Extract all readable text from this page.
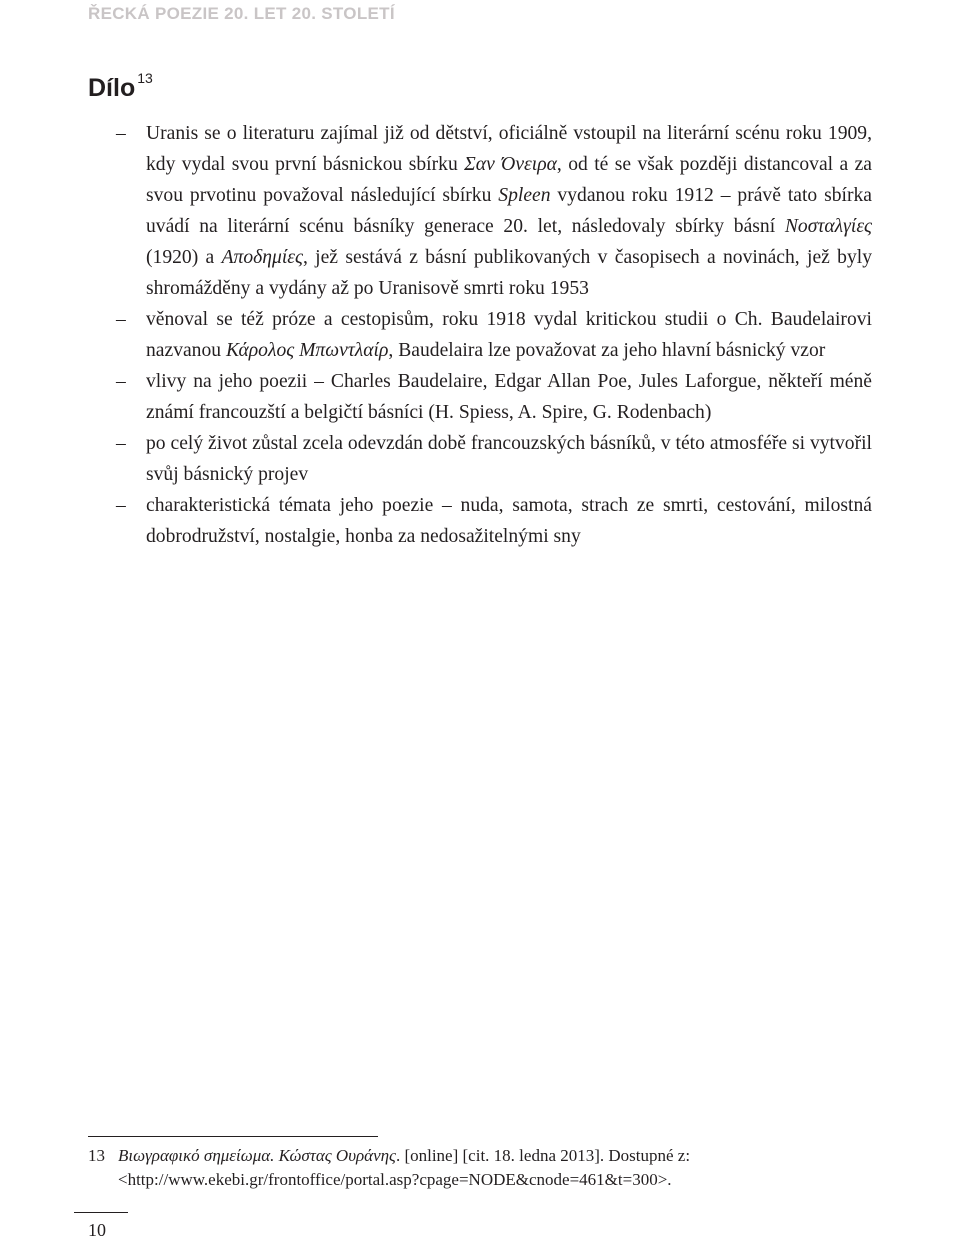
ŘECKÁ POEZIE 20. LET 20. STOLETÍ
Dílo $^{13}$
– Uranis se o literaturu zajímal již od dětství, oficiálně vstoupil na literární scénu roku 1909, kdy vydal svou první básnickou sbírku Σαν Όνειρα, od té se však později distancoval a za svou prvotinu považoval následující sbírku Spleen vydanou roku 1912 – právě tato sbírka uvádí na literární scénu básníky generace 20. let, následovaly sbírky básní Νοσταλγίες (1920) a Αποδημίες, jež sestává z básní publikovaných v časopisech a novinách, jež byly shromážděny a vydány až po Uranisově smrti roku 1953
– věnoval se též próze a cestopisům, roku 1918 vydal kritickou studii o Ch. Baudelairovi nazvanou Κάρολος Μπωντλαίρ, Baudelaira lze považovat za jeho hlavní básnický vzor
– vlivy na jeho poezii – Charles Baudelaire, Edgar Allan Poe, Jules Laforgue, někteří méně známí francouzští a belgičtí básníci (H. Spiess, A. Spire, G. Rodenbach)
– po celý život zůstal zcela odevzdán době francouzských básníků, v této atmosféře si vytvořil svůj básnický projev
– charakteristická témata jeho poezie – nuda, samota, strach ze smrti, cestování, milostná dobrodružství, nostalgie, honba za nedosažitelnými sny
13 Βιωγραφικό σημείωμα. Κώστας Ουράνης. [online] [cit. 18. ledna 2013]. Dostupné z: <http://www.ekebi.gr/frontoffice/portal.asp?cpage=NODE&cnode=461&t=300>.
10
